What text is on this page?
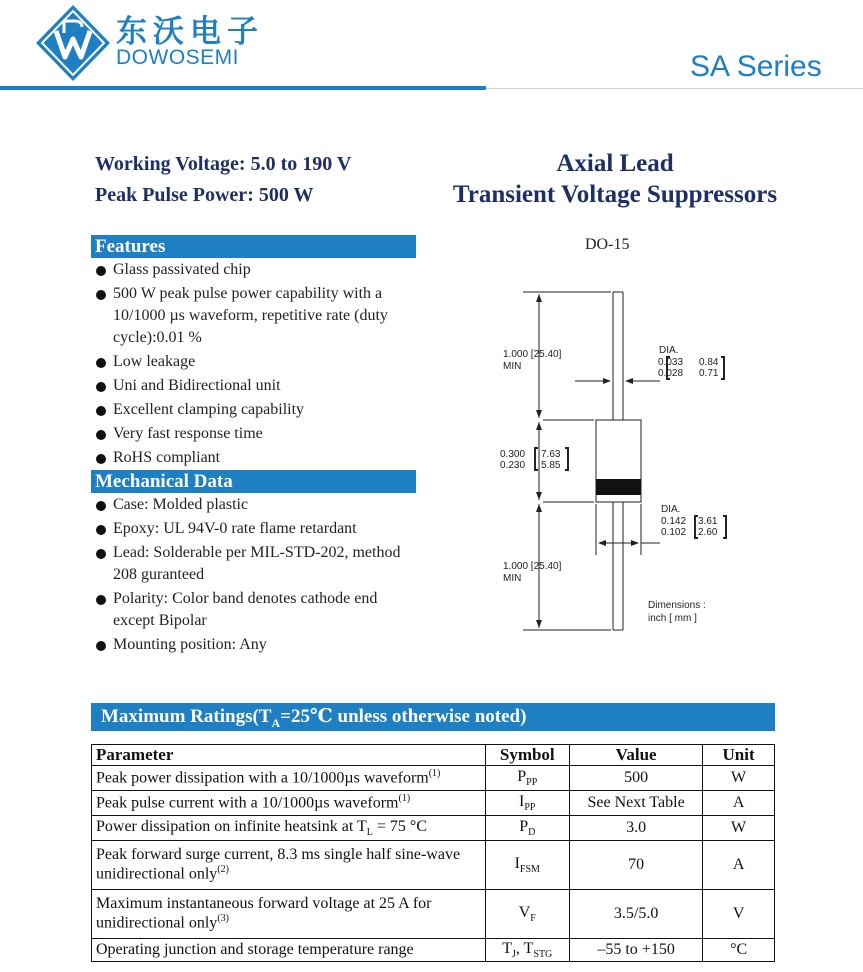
东沃电子
DOWOSEMI	SA Series
Working Voltage: 5.0 to 190 V
Peak Pulse Power: 500 W
Axial Lead
Transient Voltage Suppressors
Features
Glass passivated chip
500 W peak pulse power capability with a 10/1000 µs waveform, repetitive rate (duty cycle):0.01 %
Low leakage
Uni and Bidirectional unit
Excellent clamping capability
Very fast response time
RoHS compliant
Mechanical Data
Case: Molded plastic
Epoxy: UL 94V-0 rate flame retardant
Lead: Solderable per MIL-STD-202, method 208 guranteed
Polarity: Color band denotes cathode end except Bipolar
Mounting position: Any
DO-15
1.000 [25.40]
MIN
0.300
0.230
7.63
5.85
1.000 [25.40]
MIN
DIA.
0.033
0.028
0.84
0.71
DIA.
0.142
0.102
3.61
2.60
Dimensions :
inch [ mm ]
Maximum $Ratings(T_A=25℃$ unless otherwise noted)
Parameter	Symbol	Value	Unit
Peak power dissipation with a 10/1000µs waveform$^{(1)}$	$P_{PP}$	500	W
Peak pulse current with a 10/1000µs waveform$^{(1)}$	$I_{PP}$	See Next Table	A
Power dissipation on infinite heatsink at $T_L = 75$ °C	$P_D$	3.0	W
Peak forward surge current, 8.3 ms single half sine-wave unidirectional only$^{(2)}$	$I_{FSM}$	70	A
Maximum instantaneous forward voltage at 25 A for unidirectional only$^{(3)}$	$V_F$	3.5/5.0	V
Operating junction and storage temperature range	$T_J$, $T_{STG}$	–55 to +150	°C
